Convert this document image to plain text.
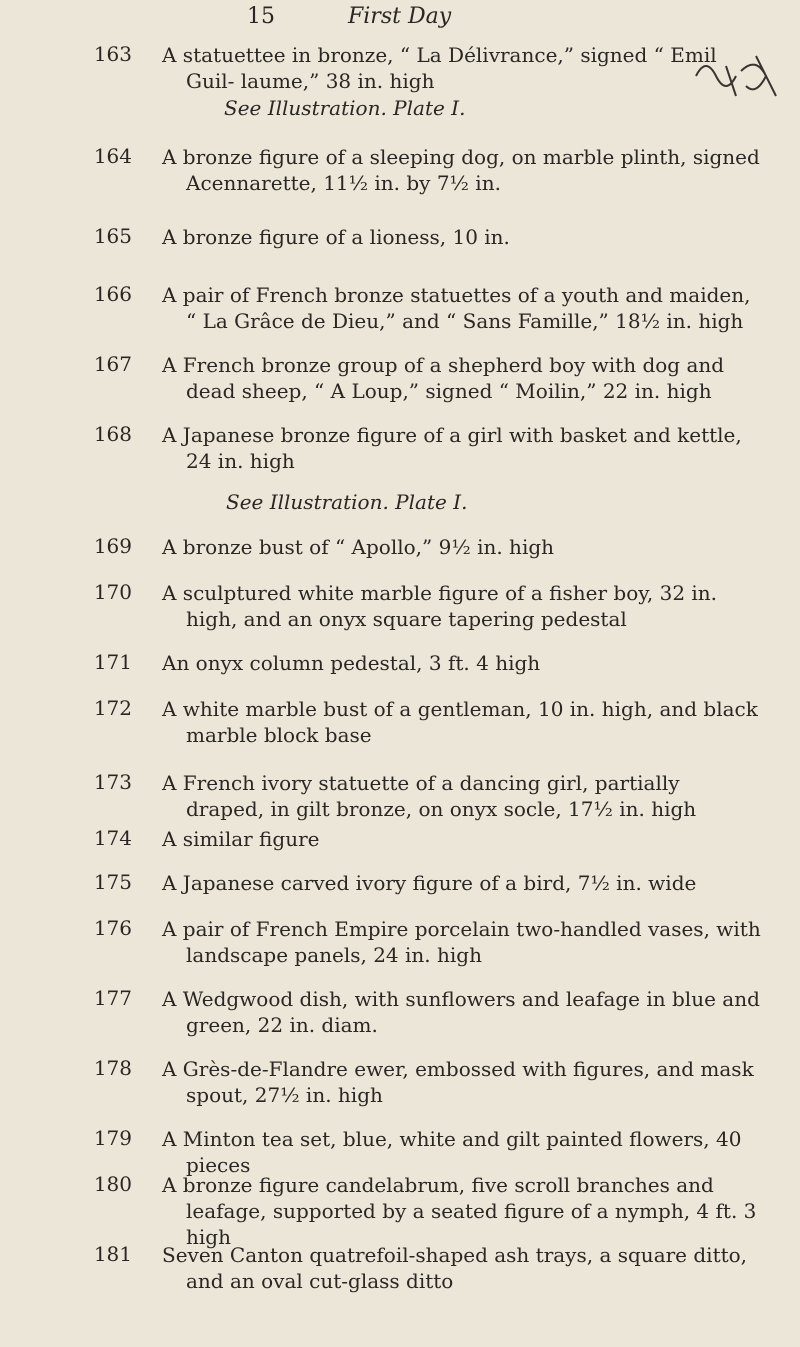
15	First Day
163 A statuettee in bronze, “ La Délivrance,” signed “ Emil Guil- laume,” 38 in. high
See Illustration. Plate I.
164 A bronze figure of a sleeping dog, on marble plinth, signed Acennarette, 11½ in. by 7½ in.
165 A bronze figure of a lioness, 10 in.
166 A pair of French bronze statuettes of a youth and maiden, “ La Grâce de Dieu,” and “ Sans Famille,” 18½ in. high
167 A French bronze group of a shepherd boy with dog and dead sheep, “ A Loup,” signed “ Moilin,” 22 in. high
168 A Japanese bronze figure of a girl with basket and kettle, 24 in. high
See Illustration. Plate I.
169 A bronze bust of “ Apollo,” 9½ in. high
170 A sculptured white marble figure of a fisher boy, 32 in. high, and an onyx square tapering pedestal
171 An onyx column pedestal, 3 ft. 4 high
172 A white marble bust of a gentleman, 10 in. high, and black marble block base
173 A French ivory statuette of a dancing girl, partially draped, in gilt bronze, on onyx socle, 17½ in. high
174 A similar figure
175 A Japanese carved ivory figure of a bird, 7½ in. wide
176 A pair of French Empire porcelain two-handled vases, with landscape panels, 24 in. high
177 A Wedgwood dish, with sunflowers and leafage in blue and green, 22 in. diam.
178 A Grès-de-Flandre ewer, embossed with figures, and mask spout, 27½ in. high
179 A Minton tea set, blue, white and gilt painted flowers, 40 pieces
180 A bronze figure candelabrum, five scroll branches and leafage, supported by a seated figure of a nymph, 4 ft. 3 high
181 Seven Canton quatrefoil-shaped ash trays, a square ditto, and an oval cut-glass ditto
